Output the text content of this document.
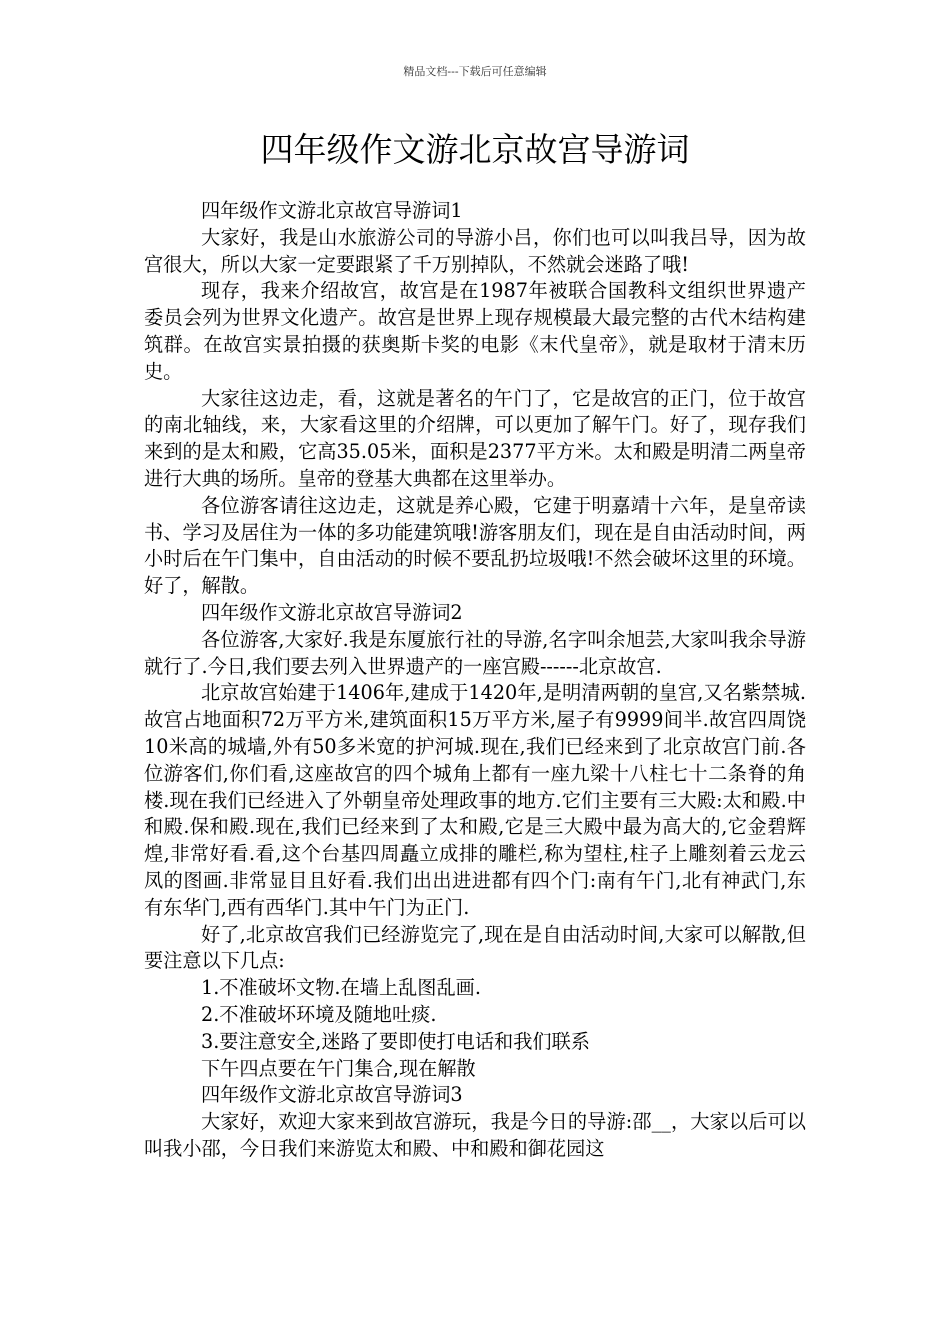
精品文档---下载后可任意编辑
四年级作文游北京故宫导游词

四年级作文游北京故宫导游词1

大家好，我是山水旅游公司的导游小吕，你们也可以叫我吕导，因为故宫很大，所以大家一定要跟紧了千万别掉队，不然就会迷路了哦!

现存，我来介绍故宫，故宫是在1987年被联合国教科文组织世界遗产委员会列为世界文化遗产。故宫是世界上现存规模最大最完整的古代木结构建筑群。在故宫实景拍摄的获奥斯卡奖的电影《末代皇帝》，就是取材于清末历史。

大家往这边走，看，这就是著名的午门了，它是故宫的正门，位于故宫的南北轴线，来，大家看这里的介绍牌，可以更加了解午门。好了，现存我们来到的是太和殿，它高35.05米，面积是2377平方米。太和殿是明清二两皇帝进行大典的场所。皇帝的登基大典都在这里举办。

各位游客请往这边走，这就是养心殿，它建于明嘉靖十六年，是皇帝读书、学习及居住为一体的多功能建筑哦!游客朋友们，现在是自由活动时间，两小时后在午门集中，自由活动的时候不要乱扔垃圾哦!不然会破坏这里的环境。好了，解散。

四年级作文游北京故宫导游词2

各位游客,大家好.我是东厦旅行社的导游,名字叫余旭芸,大家叫我余导游就行了.今日,我们要去列入世界遗产的一座宫殿------北京故宫.

北京故宫始建于1406年,建成于1420年,是明清两朝的皇宫,又名紫禁城.故宫占地面积72万平方米,建筑面积15万平方米,屋子有9999间半.故宫四周饶10米高的城墙,外有50多米宽的护河城.现在,我们已经来到了北京故宫门前.各位游客们,你们看,这座故宫的四个城角上都有一座九梁十八柱七十二条脊的角楼.现在我们已经进入了外朝皇帝处理政事的地方.它们主要有三大殿:太和殿.中和殿.保和殿.现在,我们已经来到了太和殿,它是三大殿中最为高大的,它金碧辉煌,非常好看.看,这个台基四周矗立成排的雕栏,称为望柱,柱子上雕刻着云龙云凤的图画.非常显目且好看.我们出出进进都有四个门:南有午门,北有神武门,东有东华门,西有西华门.其中午门为正门.

好了,北京故宫我们已经游览完了,现在是自由活动时间,大家可以解散,但要注意以下几点:

1.不准破坏文物.在墙上乱图乱画.

2.不准破坏环境及随地吐痰.

3.要注意安全,迷路了要即使打电话和我们联系

下午四点要在午门集合,现在解散

四年级作文游北京故宫导游词3

大家好，欢迎大家来到故宫游玩，我是今日的导游:邵__，大家以后可以叫我小邵，今日我们来游览太和殿、中和殿和御花园这
